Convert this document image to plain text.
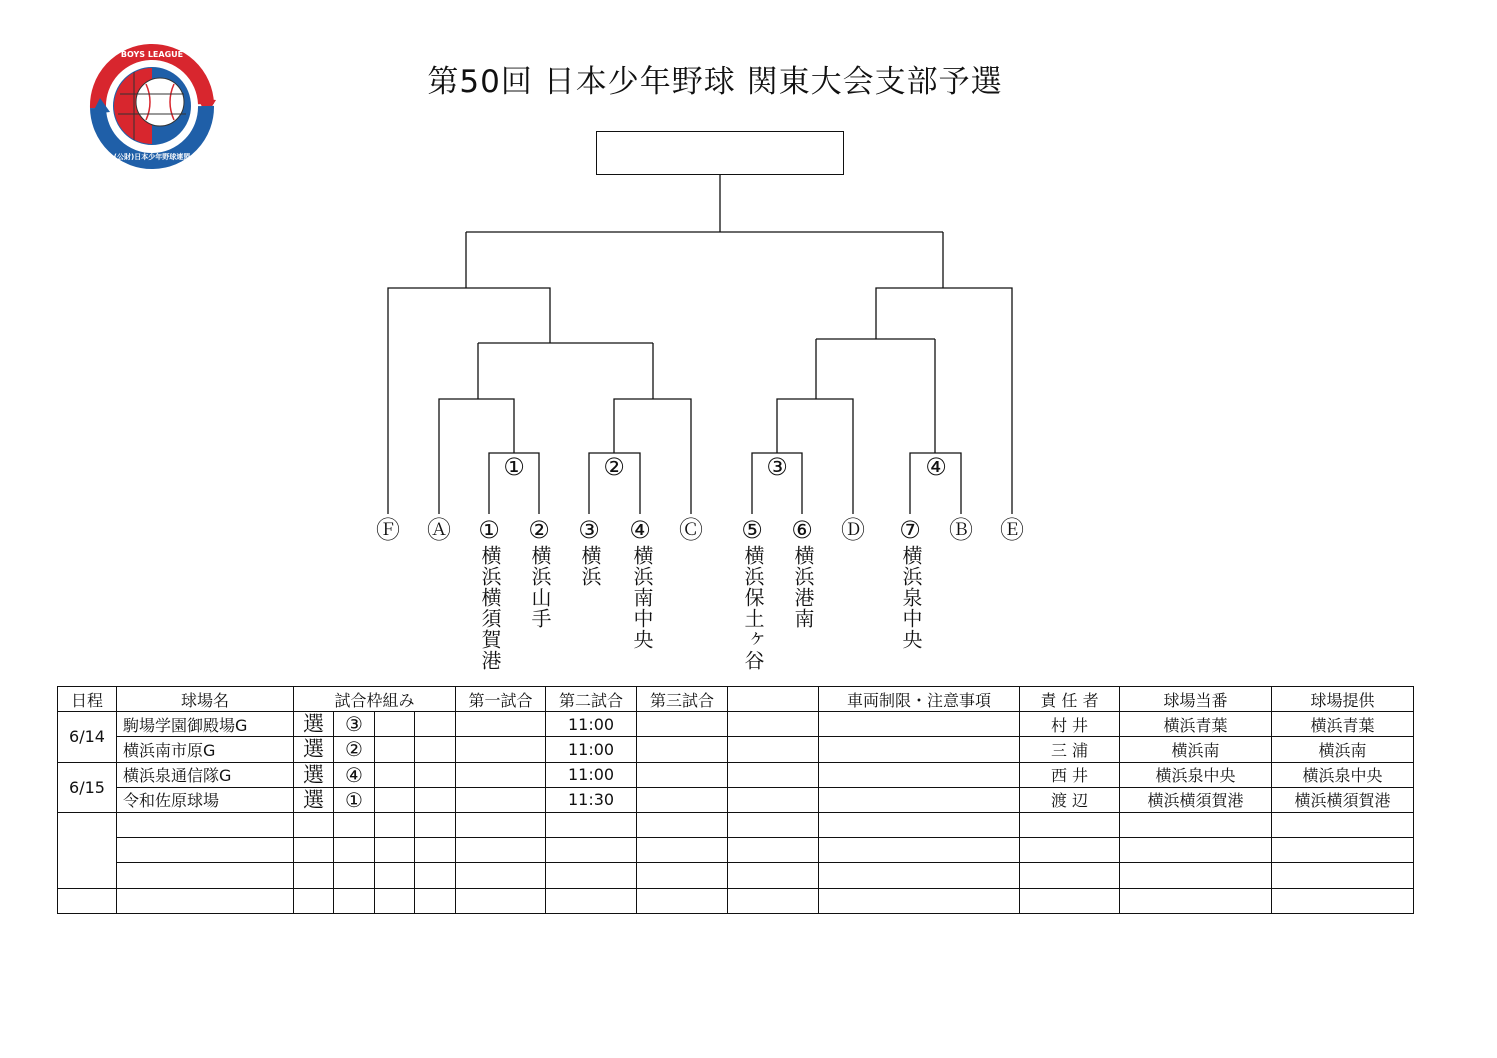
BOYS LEAGUE
(公財)日本少年野球連盟
第50回 日本少年野球 関東大会支部予選
①	②	③	④
Ⓕ Ⓐ ① ② ③ ④ Ⓒ ⑤ ⑥ Ⓓ ⑦ Ⓑ Ⓔ
横浜横須賀港 横浜山手 横浜 横浜南中央	横浜保土ヶ谷 横浜港南	横浜泉中央
日程	球場名	試合枠組み				第一試合	第二試合	第三試合		車両制限・注意事項	責 任 者	球場当番	球場提供
6/14	駒場学園御殿場G	選	③				11:00				村 井	横浜青葉	横浜青葉
	横浜南市原G	選	②				11:00				三 浦	横浜南	横浜南
6/15	横浜泉通信隊G	選	④				11:00				西 井	横浜泉中央	横浜泉中央
	令和佐原球場	選	①				11:30				渡 辺	横浜横須賀港	横浜横須賀港
